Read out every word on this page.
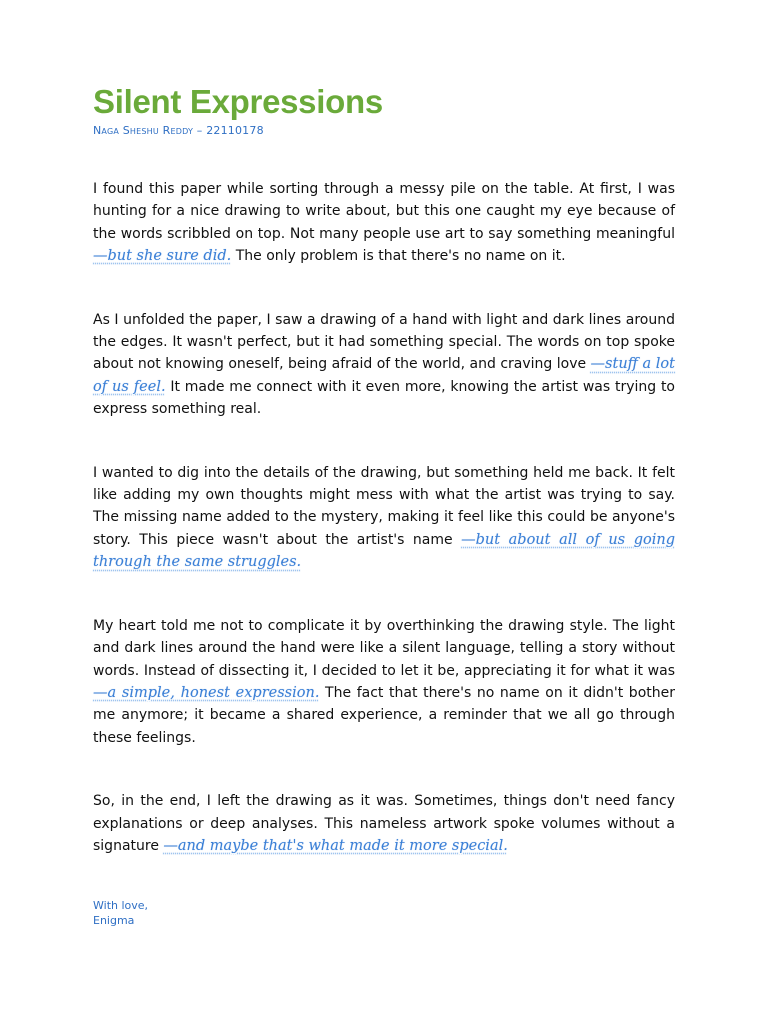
Silent Expressions

Naga Sheshu Reddy – 22110178

I found this paper while sorting through a messy pile on the table. At first, I was hunting for a nice drawing to write about, but this one caught my eye because of the words scribbled on top. Not many people use art to say something meaningful —but she sure did. The only problem is that there's no name on it.

As I unfolded the paper, I saw a drawing of a hand with light and dark lines around the edges. It wasn't perfect, but it had something special. The words on top spoke about not knowing oneself, being afraid of the world, and craving love —stuff a lot of us feel. It made me connect with it even more, knowing the artist was trying to express something real.

I wanted to dig into the details of the drawing, but something held me back. It felt like adding my own thoughts might mess with what the artist was trying to say. The missing name added to the mystery, making it feel like this could be anyone's story. This piece wasn't about the artist's name —but about all of us going through the same struggles.

My heart told me not to complicate it by overthinking the drawing style. The light and dark lines around the hand were like a silent language, telling a story without words. Instead of dissecting it, I decided to let it be, appreciating it for what it was —a simple, honest expression. The fact that there's no name on it didn't bother me anymore; it became a shared experience, a reminder that we all go through these feelings.

So, in the end, I left the drawing as it was. Sometimes, things don't need fancy explanations or deep analyses. This nameless artwork spoke volumes without a signature —and maybe that's what made it more special.

With love,
Enigma
